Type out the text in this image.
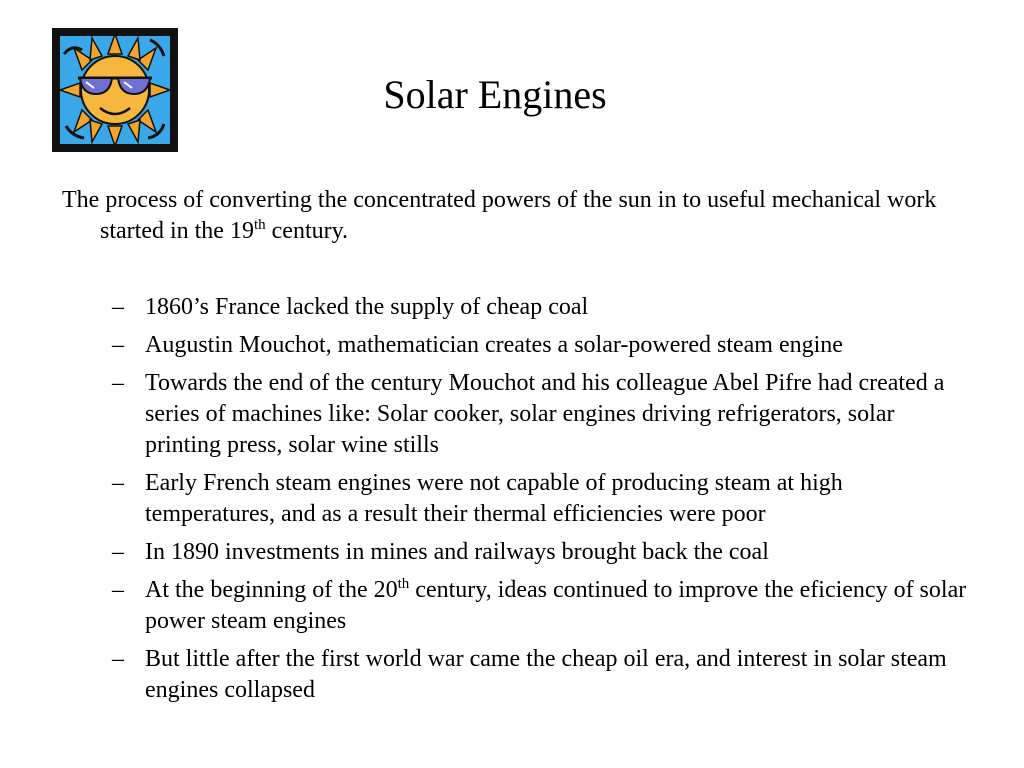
Solar Engines

The process of converting the concentrated powers of the sun in to useful mechanical work started in the 19th century.

– 1860’s France lacked the supply of cheap coal
– Augustin Mouchot, mathematician creates a solar-powered steam engine
– Towards the end of the century Mouchot and his colleague Abel Pifre had created a series of machines like: Solar cooker, solar engines driving refrigerators, solar printing press, solar wine stills
– Early French steam engines were not capable of producing steam at high temperatures, and as a result their thermal efficiencies were poor
– In 1890 investments in mines and railways brought back the coal
– At the beginning of the 20th century, ideas continued to improve the eficiency of solar power steam engines
– But little after the first world war came the cheap oil era, and interest in solar steam engines collapsed
